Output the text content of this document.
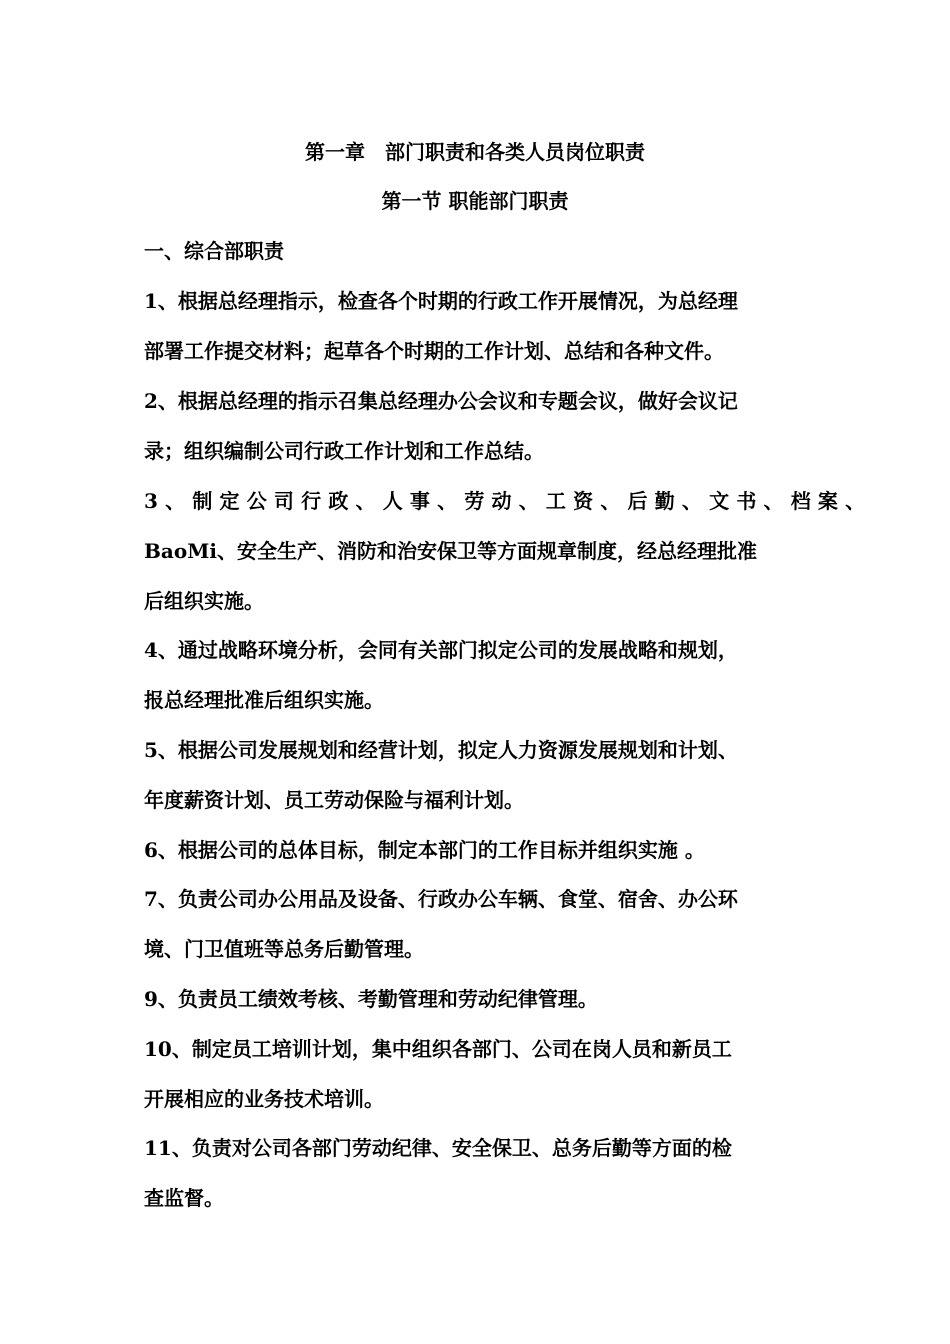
第一章　部门职责和各类人员岗位职责
第一节 职能部门职责
一、综合部职责
1、根据总经理指示，检查各个时期的行政工作开展情况，为总经理
部署工作提交材料；起草各个时期的工作计划、总结和各种文件。
2、根据总经理的指示召集总经理办公会议和专题会议，做好会议记
录；组织编制公司行政工作计划和工作总结。
3、制定公司行政、人事、劳动、工资、后勤、文书、档案、
BaoMi、安全生产、消防和治安保卫等方面规章制度，经总经理批准
后组织实施。
4、通过战略环境分析，会同有关部门拟定公司的发展战略和规划，
报总经理批准后组织实施。
5、根据公司发展规划和经营计划，拟定人力资源发展规划和计划、
年度薪资计划、员工劳动保险与福利计划。
6、根据公司的总体目标，制定本部门的工作目标并组织实施 。
7、负责公司办公用品及设备、行政办公车辆、食堂、宿舍、办公环
境、门卫值班等总务后勤管理。
9、负责员工绩效考核、考勤管理和劳动纪律管理。
10、制定员工培训计划，集中组织各部门、公司在岗人员和新员工
开展相应的业务技术培训。
11、负责对公司各部门劳动纪律、安全保卫、总务后勤等方面的检
查监督。
